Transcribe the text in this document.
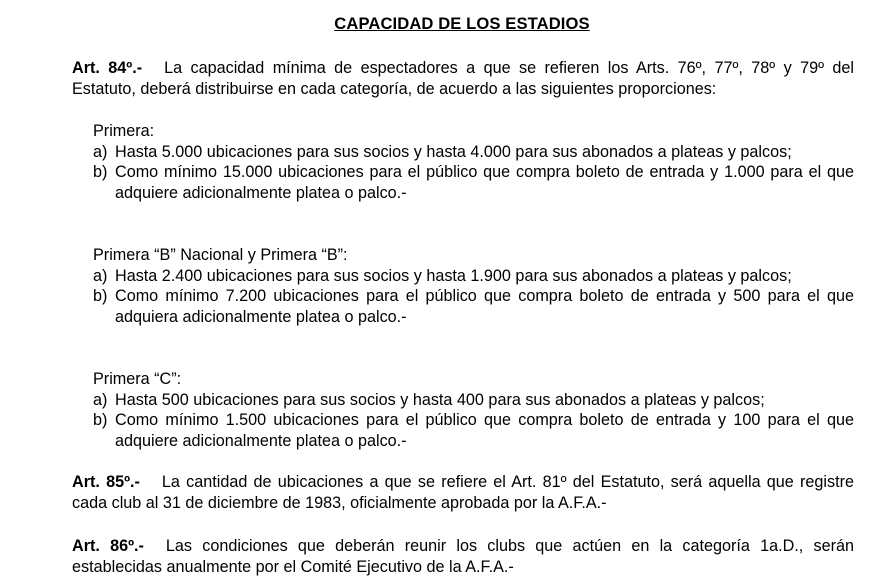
CAPACIDAD DE LOS ESTADIOS
Art. 84º.- La capacidad mínima de espectadores a que se refieren los Arts. 76º, 77º, 78º y 79º del Estatuto, deberá distribuirse en cada categoría, de acuerdo a las siguientes proporciones:
Primera:
a) Hasta 5.000 ubicaciones para sus socios y hasta 4.000 para sus abonados a plateas y palcos;
b) Como mínimo 15.000 ubicaciones para el público que compra boleto de entrada y 1.000 para el que adquiere adicionalmente platea o palco.-
Primera “B” Nacional y Primera “B”:
a) Hasta 2.400 ubicaciones para sus socios y hasta 1.900 para sus abonados a plateas y palcos;
b) Como mínimo 7.200 ubicaciones para el público que compra boleto de entrada y 500 para el que adquiera adicionalmente platea o palco.-
Primera “C”:
a) Hasta 500 ubicaciones para sus socios y hasta 400 para sus abonados a plateas y palcos;
b) Como mínimo 1.500 ubicaciones para el público que compra boleto de entrada y 100 para el que adquiere adicionalmente platea o palco.-
Art. 85º.- La cantidad de ubicaciones a que se refiere el Art. 81º del Estatuto, será aquella que registre cada club al 31 de diciembre de 1983, oficialmente aprobada por la A.F.A.-
Art. 86º.- Las condiciones que deberán reunir los clubs que actúen en la categoría 1a.D., serán establecidas anualmente por el Comité Ejecutivo de la A.F.A.-
